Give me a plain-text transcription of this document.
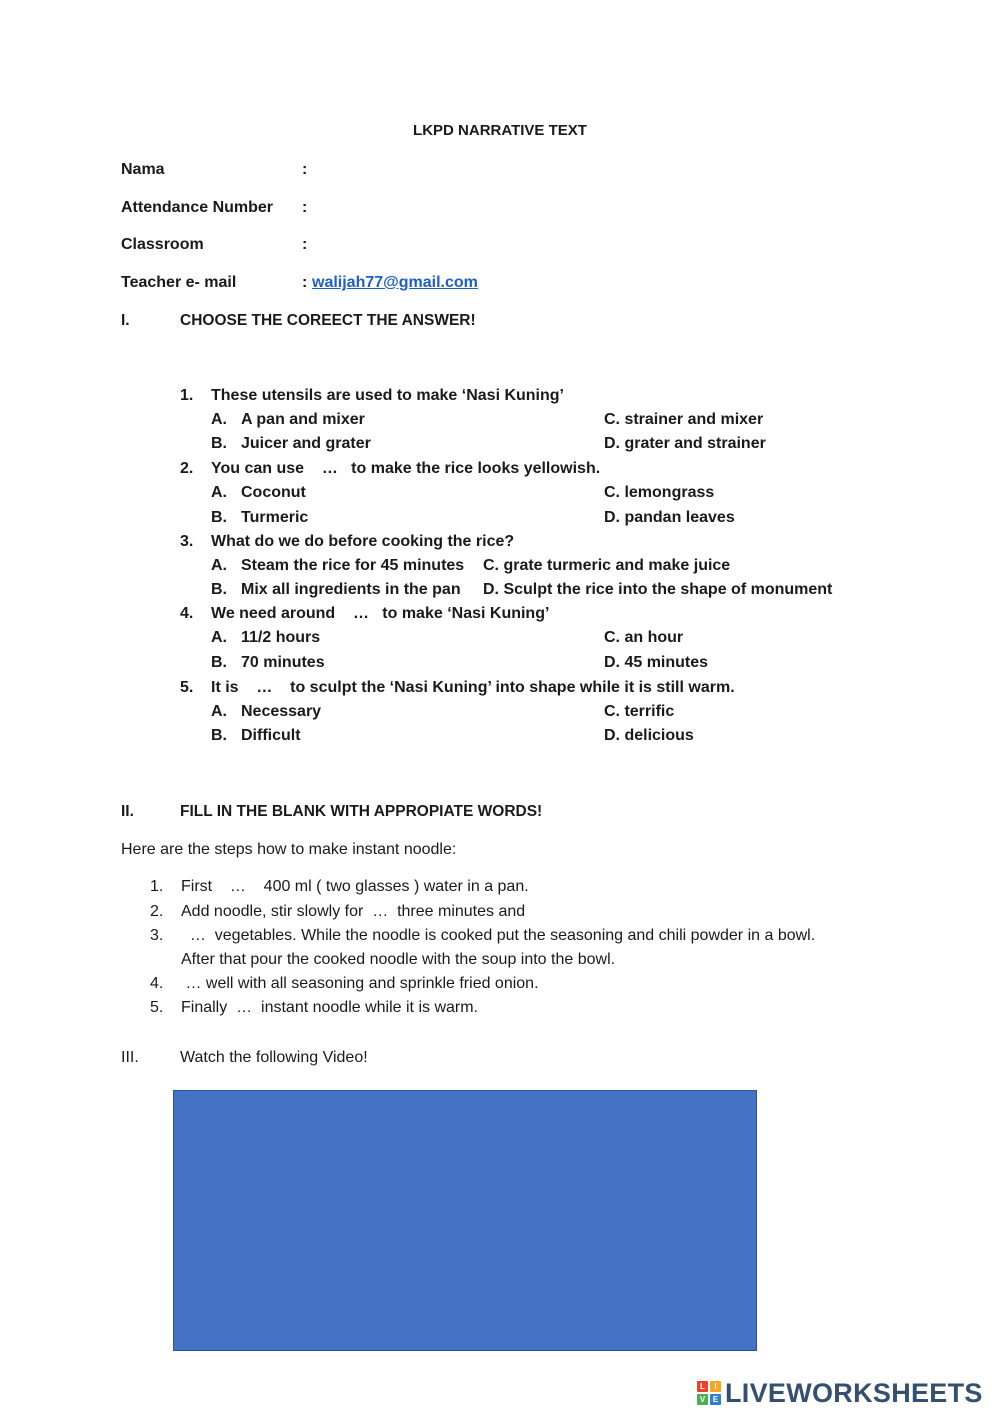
LKPD NARRATIVE TEXT
Nama	:
Attendance Number :
Classroom	:
Teacher e- mail	: walijah77@gmail.com
I.	CHOOSE THE COREECT THE ANSWER!
1. These utensils are used to make ‘Nasi Kuning’
A. A pan and mixer	C. strainer and mixer
B. Juicer and grater	D. grater and strainer
2. You can use    …   to make the rice looks yellowish.
A. Coconut	C. lemongrass
B. Turmeric	D. pandan leaves
3. What do we do before cooking the rice?
A. Steam the rice for 45 minutes C. grate turmeric and make juice
B. Mix all ingredients in the pan D. Sculpt the rice into the shape of monument
4. We need around    …   to make ‘Nasi Kuning’
A. 11/2 hours	C. an hour
B. 70 minutes	D. 45 minutes
5. It is    …    to sculpt the ‘Nasi Kuning’ into shape while it is still warm.
A. Necessary	C. terrific
B. Difficult	D. delicious
II.	FILL IN THE BLANK WITH APPROPIATE WORDS!
Here are the steps how to make instant noodle:
1. First    …    400 ml ( two glasses ) water in a pan.
2. Add noodle, stir slowly for  …  three minutes and
3. …  vegetables. While the noodle is cooked put the seasoning and chili powder in a bowl.
After that pour the cooked noodle with the soup into the bowl.
4. … well with all seasoning and sprinkle fried onion.
5. Finally  …  instant noodle while it is warm.
III.	Watch the following Video!
L	I
V E LIVEWORKSHEETS
